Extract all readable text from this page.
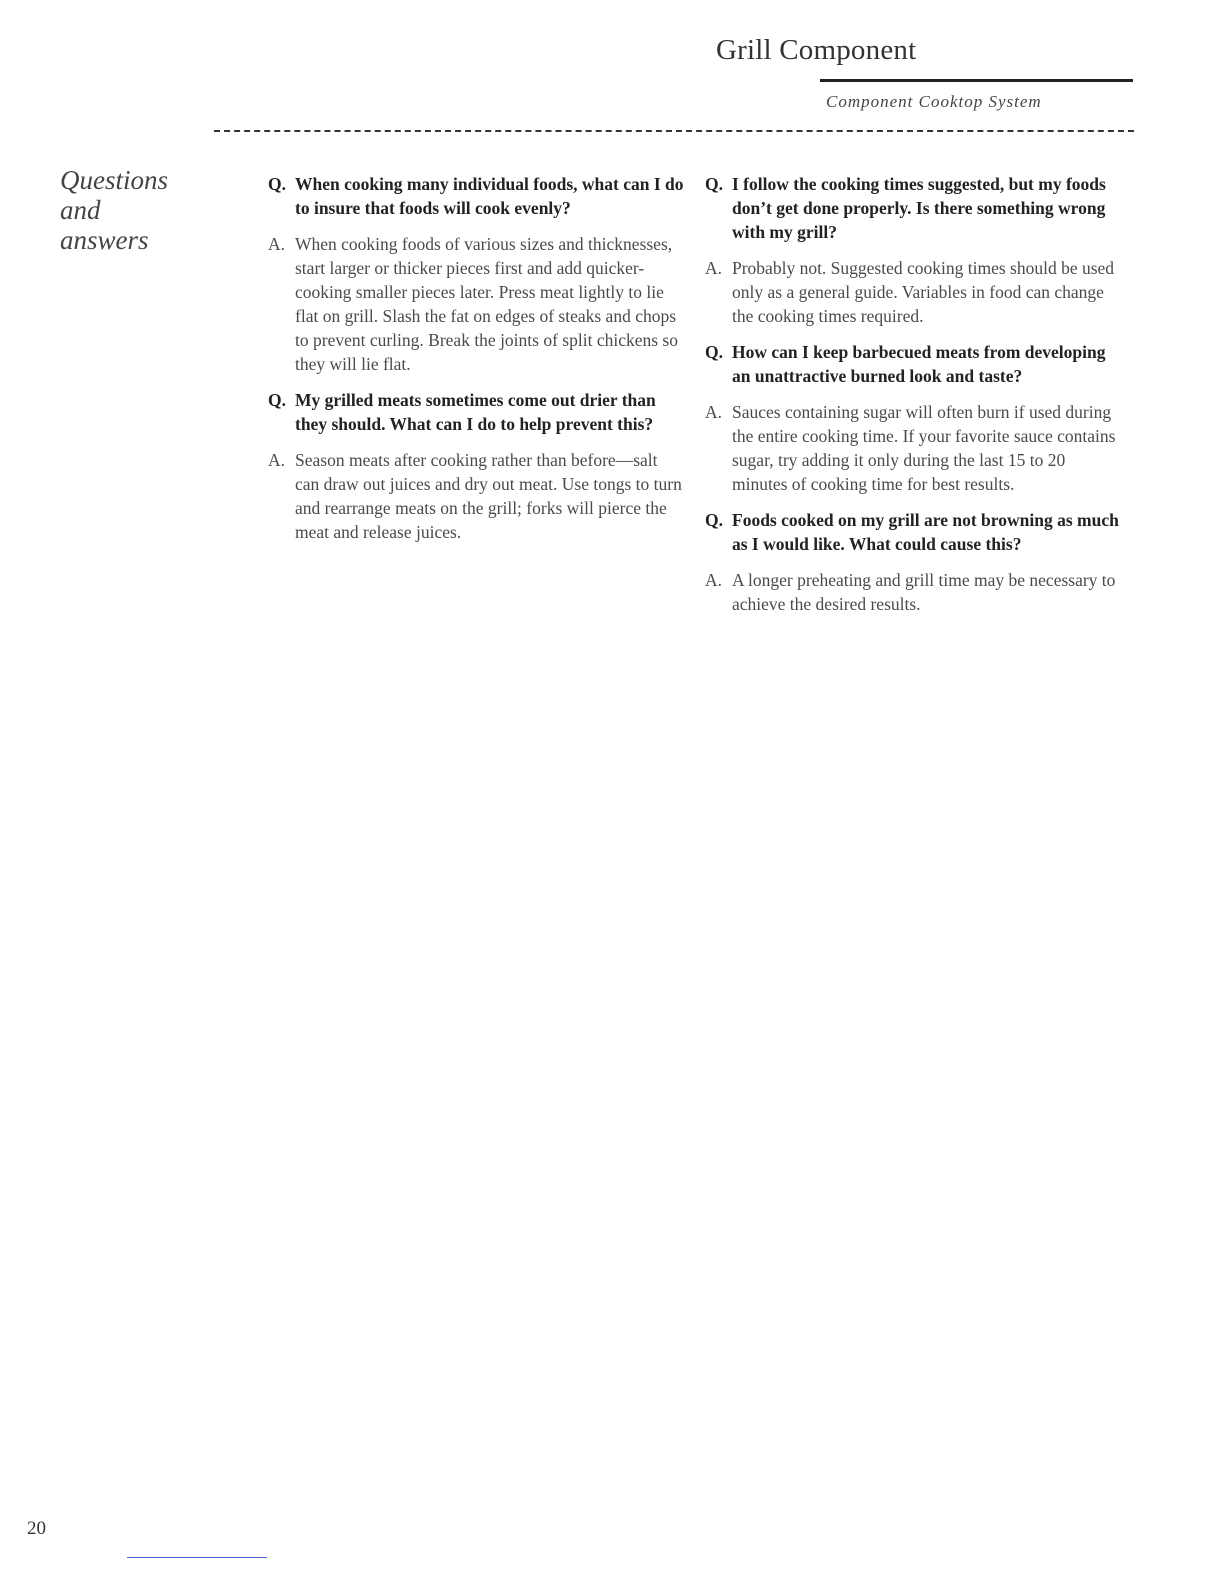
Grill Component
Component Cooktop System
Questions
and
answers

Q. When cooking many individual foods, what can I do to insure that foods will cook evenly?

A. When cooking foods of various sizes and thicknesses, start larger or thicker pieces first and add quicker-cooking smaller pieces later. Press meat lightly to lie flat on grill. Slash the fat on edges of steaks and chops to prevent curling. Break the joints of split chickens so they will lie flat.

Q. My grilled meats sometimes come out drier than they should. What can I do to help prevent this?

A. Season meats after cooking rather than before—salt can draw out juices and dry out meat. Use tongs to turn and rearrange meats on the grill; forks will pierce the meat and release juices.

Q. I follow the cooking times suggested, but my foods don’t get done properly. Is there something wrong with my grill?

A. Probably not. Suggested cooking times should be used only as a general guide. Variables in food can change the cooking times required.

Q. How can I keep barbecued meats from developing an unattractive burned look and taste?

A. Sauces containing sugar will often burn if used during the entire cooking time. If your favorite sauce contains sugar, try adding it only during the last 15 to 20 minutes of cooking time for best results.

Q. Foods cooked on my grill are not browning as much as I would like. What could cause this?

A. A longer preheating and grill time may be necessary to achieve the desired results.

20
